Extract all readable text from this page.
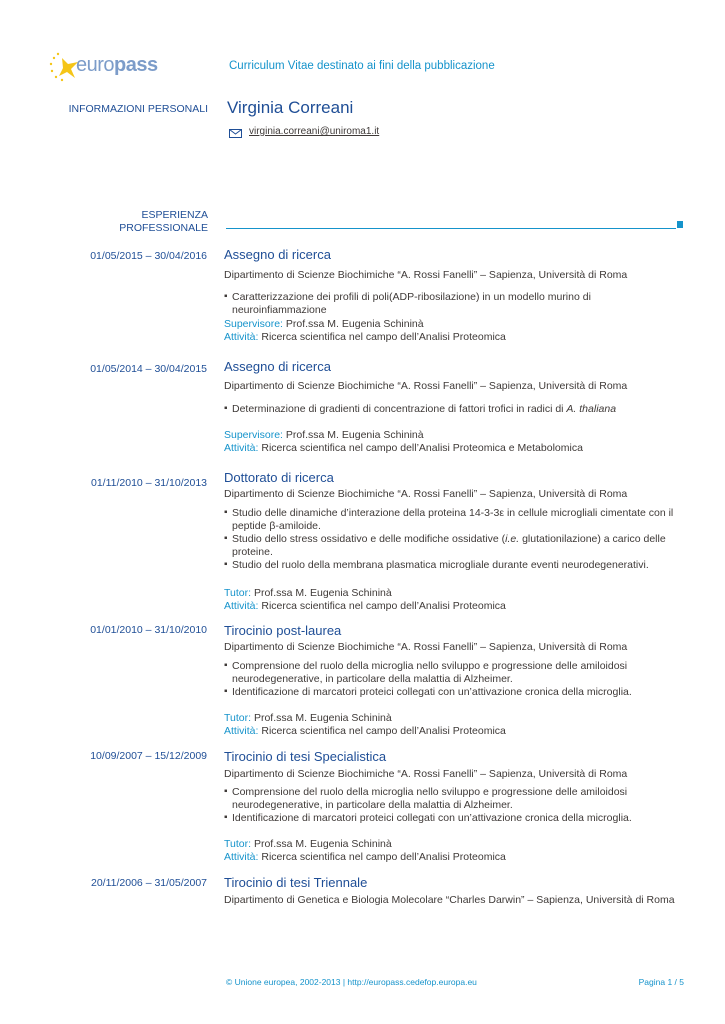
europass	Curriculum Vitae destinato ai fini della pubblicazione
INFORMAZIONI PERSONALI Virginia Correani
virginia.correani@uniroma1.it
ESPERIENZA
PROFESSIONALE
01/05/2015 – 30/04/2016 Assegno di ricerca
Dipartimento di Scienze Biochimiche “A. Rossi Fanelli” – Sapienza, Università di Roma
▪ Caratterizzazione dei profili di poli(ADP-ribosilazione) in un modello murino di neuroinfiammazione
Supervisore: Prof.ssa M. Eugenia Schininà
Attività: Ricerca scientifica nel campo dell’Analisi Proteomica
01/05/2014 – 30/04/2015 Assegno di ricerca
Dipartimento di Scienze Biochimiche “A. Rossi Fanelli” – Sapienza, Università di Roma
▪ Determinazione di gradienti di concentrazione di fattori trofici in radici di A. thaliana
Supervisore: Prof.ssa M. Eugenia Schininà
Attività: Ricerca scientifica nel campo dell’Analisi Proteomica e Metabolomica
01/11/2010 – 31/10/2013 Dottorato di ricerca
Dipartimento di Scienze Biochimiche “A. Rossi Fanelli” – Sapienza, Università di Roma
▪ Studio delle dinamiche d’interazione della proteina 14-3-3ε in cellule microgliali cimentate con il peptide β-amiloide.
▪ Studio dello stress ossidativo e delle modifiche ossidative (i.e. glutationilazione) a carico delle proteine.
▪ Studio del ruolo della membrana plasmatica microgliale durante eventi neurodegenerativi.
Tutor: Prof.ssa M. Eugenia Schininà
Attività: Ricerca scientifica nel campo dell’Analisi Proteomica
01/01/2010 – 31/10/2010 Tirocinio post-laurea
Dipartimento di Scienze Biochimiche “A. Rossi Fanelli” – Sapienza, Università di Roma
▪ Comprensione del ruolo della microglia nello sviluppo e progressione delle amiloidosi neurodegenerative, in particolare della malattia di Alzheimer.
▪ Identificazione di marcatori proteici collegati con un’attivazione cronica della microglia.
Tutor: Prof.ssa M. Eugenia Schininà
Attività: Ricerca scientifica nel campo dell’Analisi Proteomica
10/09/2007 – 15/12/2009 Tirocinio di tesi Specialistica
Dipartimento di Scienze Biochimiche “A. Rossi Fanelli” – Sapienza, Università di Roma
▪ Comprensione del ruolo della microglia nello sviluppo e progressione delle amiloidosi neurodegenerative, in particolare della malattia di Alzheimer.
▪ Identificazione di marcatori proteici collegati con un’attivazione cronica della microglia.
Tutor: Prof.ssa M. Eugenia Schininà
Attività: Ricerca scientifica nel campo dell’Analisi Proteomica
20/11/2006 – 31/05/2007 Tirocinio di tesi Triennale
Dipartimento di Genetica e Biologia Molecolare “Charles Darwin” – Sapienza, Università di Roma
© Unione europea, 2002-2013 | http://europass.cedefop.europa.eu	Pagina 1 / 5
